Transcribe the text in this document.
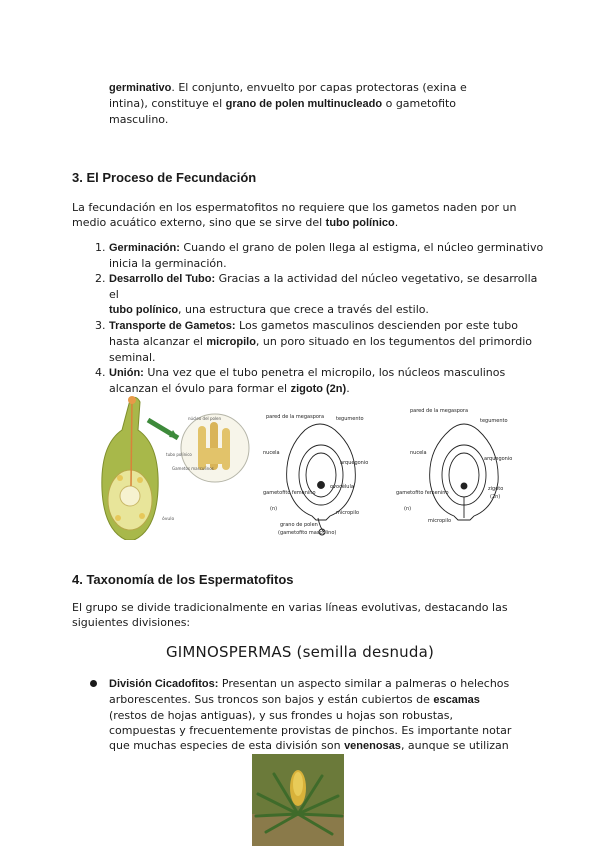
germinativo. El conjunto, envuelto por capas protectoras (exina e intina), constituye el grano de polen multinucleado o gametofito masculino.
3. El Proceso de Fecundación
La fecundación en los espermatofitos no requiere que los gametos naden por un medio acuático externo, sino que se sirve del tubo polínico.
1. Germinación: Cuando el grano de polen llega al estigma, el núcleo germinativo inicia la germinación.
2. Desarrollo del Tubo: Gracias a la actividad del núcleo vegetativo, se desarrolla el
tubo polínico, una estructura que crece a través del estilo.
3. Transporte de Gametos: Los gametos masculinos descienden por este tubo hasta alcanzar el micropilo, un poro situado en los tegumentos del primordio seminal.
4. Unión: Una vez que el tubo penetra el micropilo, los núcleos masculinos alcanzan el óvulo para formar el zigoto (2n).
núcleo del polen
tubo polínico
Gametos masculinos
óvulo
pared de la megaspora tegumento
nucela
arquegonio
ovocélula
gametofito femenino
(n)
micropilo
grano de polen
(gametofito masculino)
pared de la megaspora
tegumento
nucela
arquegonio
zigoto
(2n)
gametofito femenino
(n)
micropilo
4. Taxonomía de los Espermatofitos
El grupo se divide tradicionalmente en varias líneas evolutivas, destacando las siguientes divisiones:
GIMNOSPERMAS (semilla desnuda)
División Cicadofitos: Presentan un aspecto similar a palmeras o helechos arborescentes. Sus troncos son bajos y están cubiertos de escamas (restos de hojas antiguas), y sus frondes u hojas son robustas, compuestas y frecuentemente provistas de pinchos. Es importante notar que muchas especies de esta división son venenosas, aunque se utilizan
